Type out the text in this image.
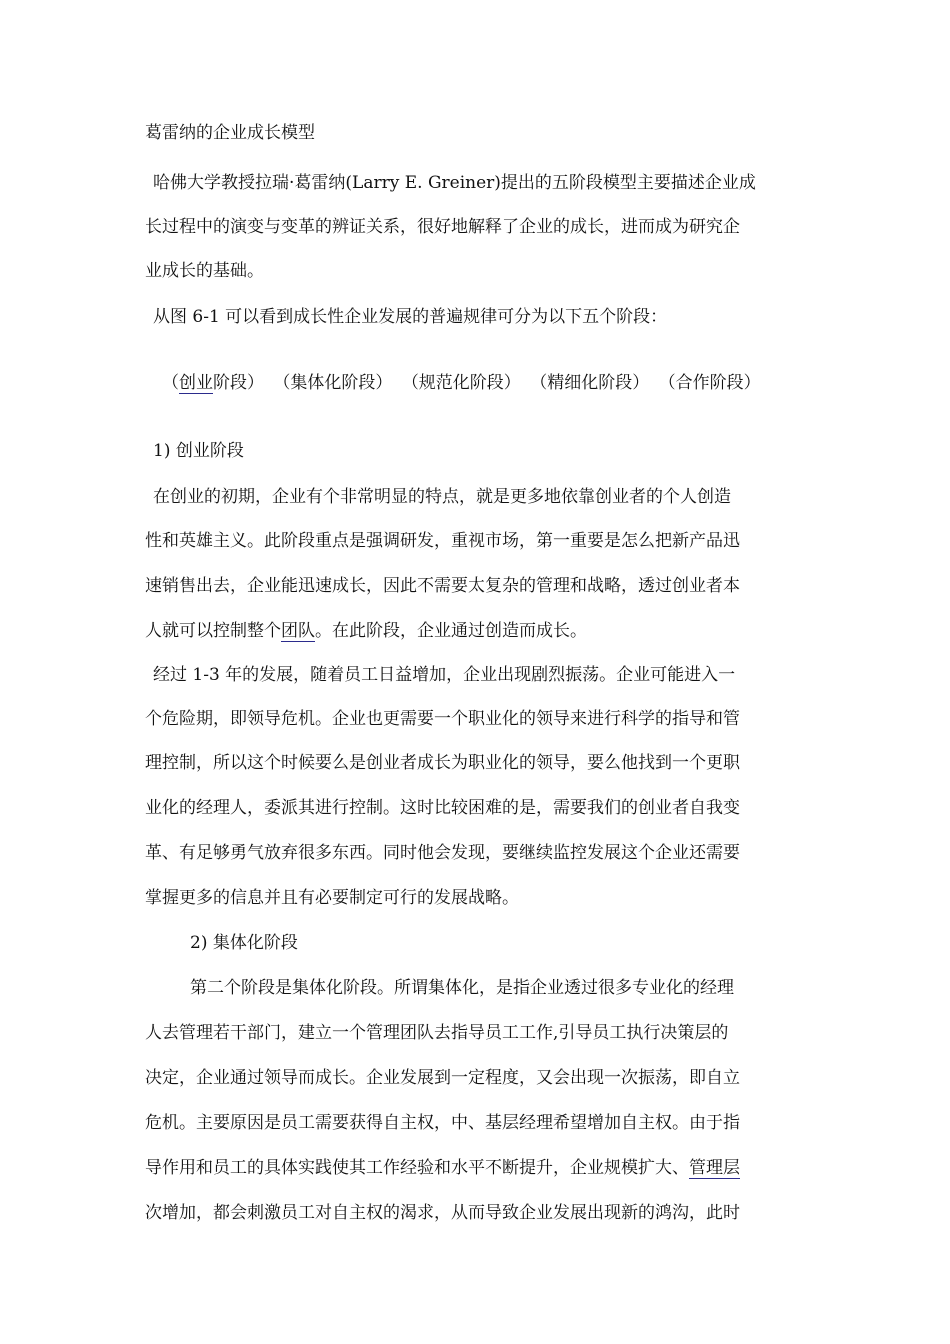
葛雷纳的企业成长模型
哈佛大学教授拉瑞·葛雷纳(Larry E. Greiner)提出的五阶段模型主要描述企业成
长过程中的演变与变革的辨证关系，很好地解释了企业的成长，进而成为研究企
业成长的基础。
从图 6-1 可以看到成长性企业发展的普遍规律可分为以下五个阶段：
（创业阶段） （集体化阶段） （规范化阶段） （精细化阶段） （合作阶段）
1) 创业阶段
在创业的初期，企业有个非常明显的特点，就是更多地依靠创业者的个人创造
性和英雄主义。此阶段重点是强调研发，重视市场，第一重要是怎么把新产品迅
速销售出去，企业能迅速成长，因此不需要太复杂的管理和战略，透过创业者本
人就可以控制整个团队。在此阶段，企业通过创造而成长。
经过 1-3 年的发展，随着员工日益增加，企业出现剧烈振荡。企业可能进入一
个危险期，即领导危机。企业也更需要一个职业化的领导来进行科学的指导和管
理控制，所以这个时候要么是创业者成长为职业化的领导，要么他找到一个更职
业化的经理人，委派其进行控制。这时比较困难的是，需要我们的创业者自我变
革、有足够勇气放弃很多东西。同时他会发现，要继续监控发展这个企业还需要
掌握更多的信息并且有必要制定可行的发展战略。
2) 集体化阶段
第二个阶段是集体化阶段。所谓集体化，是指企业透过很多专业化的经理
人去管理若干部门，建立一个管理团队去指导员工工作,引导员工执行决策层的
决定，企业通过领导而成长。企业发展到一定程度，又会出现一次振荡，即自立
危机。主要原因是员工需要获得自主权，中、基层经理希望增加自主权。由于指
导作用和员工的具体实践使其工作经验和水平不断提升，企业规模扩大、管理层
次增加，都会刺激员工对自主权的渴求，从而导致企业发展出现新的鸿沟，此时
